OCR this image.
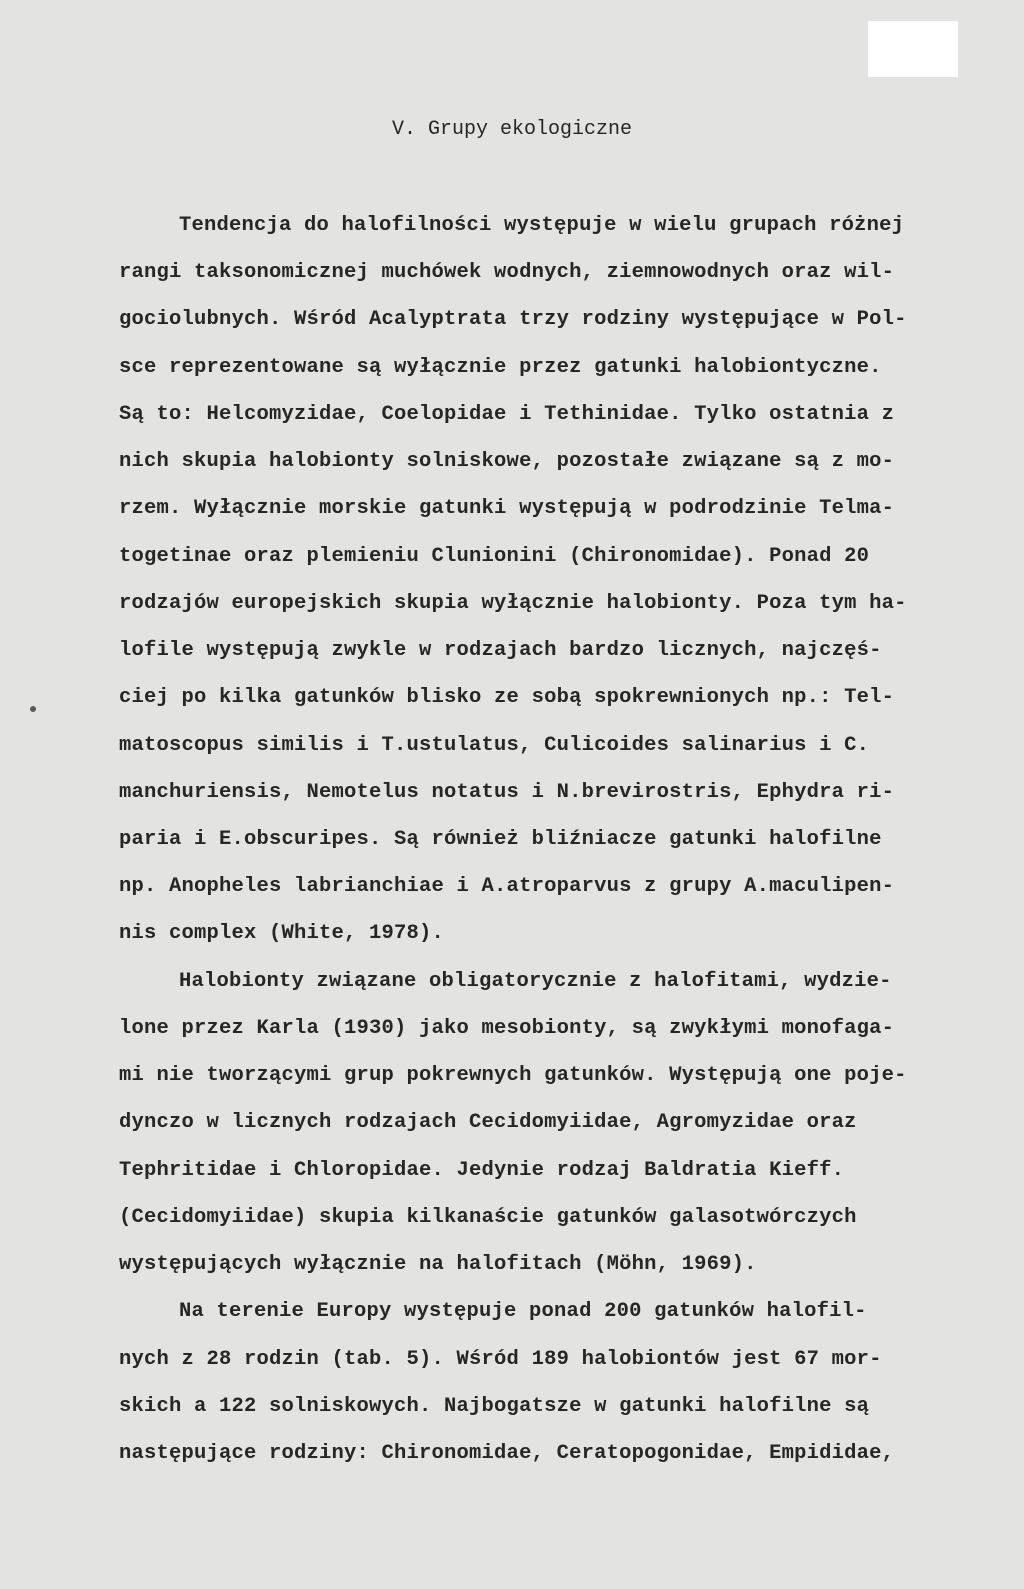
V. Grupy ekologiczne
Tendencja do halofilności występuje w wielu grupach różnej
rangi taksonomicznej muchówek wodnych, ziemnowodnych oraz wil-
gociolubnych. Wśród Acalyptrata trzy rodziny występujące w Pol-
sce reprezentowane są wyłącznie przez gatunki halobiontyczne.
Są to: Helcomyzidae, Coelopidae i Tethinidae. Tylko ostatnia z
nich skupia halobionty solniskowe, pozostałe związane są z mo-
rzem. Wyłącznie morskie gatunki występują w podrodzinie Telma-
togetinae oraz plemieniu Clunionini (Chironomidae). Ponad 20
rodzajów europejskich skupia wyłącznie halobionty. Poza tym ha-
lofile występują zwykle w rodzajach bardzo licznych, najczęś-
ciej po kilka gatunków blisko ze sobą spokrewnionych np.: Tel-
matoscopus similis i T.ustulatus, Culicoides salinarius i C.
manchuriensis, Nemotelus notatus i N.brevirostris, Ephydra ri-
paria i E.obscuripes. Są również bliźniacze gatunki halofilne
np. Anopheles labrianchiae i A.atroparvus z grupy A.maculipen-
nis complex (White, 1978).
Halobionty związane obligatorycznie z halofitami, wydzie-
lone przez Karla (1930) jako mesobionty, są zwykłymi monofaga-
mi nie tworzącymi grup pokrewnych gatunków. Występują one poje-
dynczo w licznych rodzajach Cecidomyiidae, Agromyzidae oraz
Tephritidae i Chloropidae. Jedynie rodzaj Baldratia Kieff.
(Cecidomyiidae) skupia kilkanaście gatunków galasotwórczych
występujących wyłącznie na halofitach (Möhn, 1969).
Na terenie Europy występuje ponad 200 gatunków halofil-
nych z 28 rodzin (tab. 5). Wśród 189 halobiontów jest 67 mor-
skich a 122 solniskowych. Najbogatsze w gatunki halofilne są
następujące rodziny: Chironomidae, Ceratopogonidae, Empididae,
